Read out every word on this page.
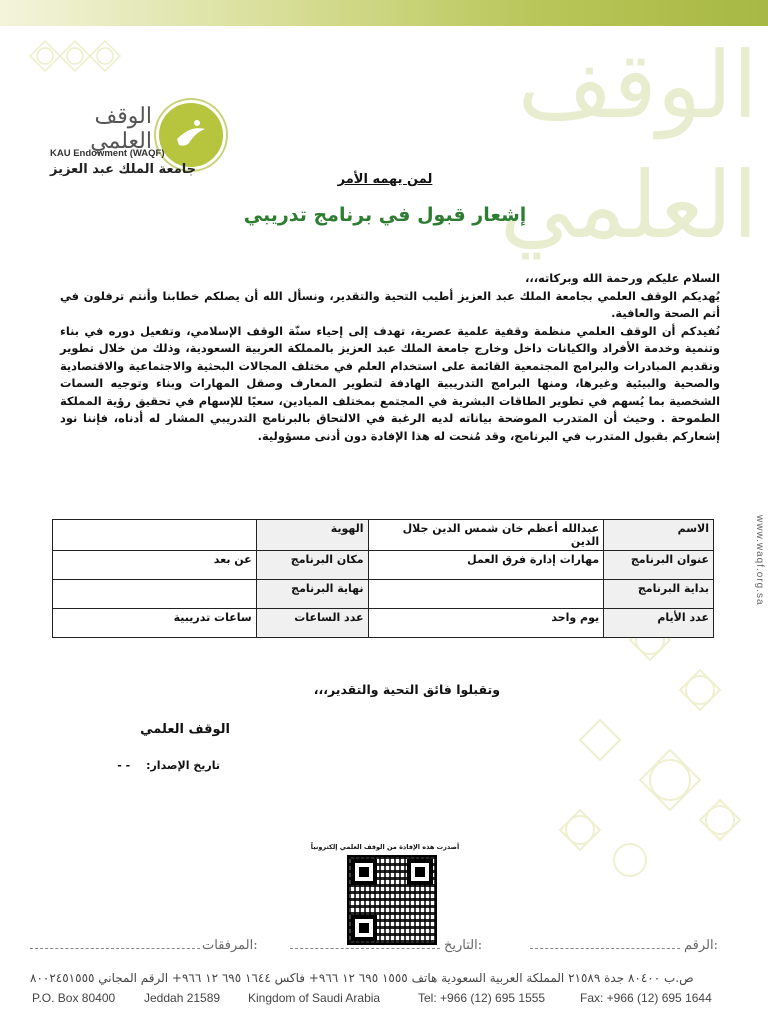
الوقف العلمي
الوقف العلمي
KAU Endowment (WAQF)
جامعة الملك عبد العزيز
لمن يهمه الأمر
إشعار قبول في برنامج تدريبي

السلام عليكم ورحمة الله وبركاته،،،

يُهديكم الوقف العلمي بجامعة الملك عبد العزيز أطيب التحية والتقدير، ونسأل الله أن يصلكم خطابنا وأنتم ترفلون في أتم الصحة والعافية.

نُفيدكم أن الوقف العلمي منظمة وقفية علمية عصرية، تهدف إلى إحياء سنّة الوقف الإسلامي، وتفعيل دوره في بناء وتنمية وخدمة الأفراد والكيانات داخل وخارج جامعة الملك عبد العزيز بالمملكة العربية السعودية، وذلك من خلال تطوير وتقديم المبادرات والبرامج المجتمعية القائمة على استخدام العلم في مختلف المجالات البحثية والاجتماعية والاقتصادية والصحية والبيئية وغيرها، ومنها البرامج التدريبية الهادفة لتطوير المعارف وصقل المهارات وبناء وتوجيه السمات الشخصية بما يُسهم في تطوير الطاقات البشرية في المجتمع بمختلف الميادين، سعيًا للإسهام في تحقيق رؤية المملكة الطموحة . وحيث أن المتدرب الموضحة بياناته لديه الرغبة في الالتحاق بالبرنامج التدريبي المشار له أدناه، فإننا نود إشعاركم بقبول المتدرب في البرنامج، وقد مُنحت له هذا الإفادة دون أدنى مسؤولية.

www.waqf.org.sa
الاسم	عبدالله أعظم خان شمس الدين جلال الدين	الهوية	
عنوان البرنامج	مهارات إدارة فرق العمل	مكان البرنامج	عن بعد
بداية البرنامج		نهاية البرنامج	
عدد الأيام	يوم واحد	عدد الساعات	ساعات تدريبية
وتقبلوا فائق التحية والتقدير،،،
الوقف العلمي
تاريخ الإصدار: - -
أصدرت هذه الإفادة من الوقف العلمي إلكترونياً
المرفقات:	التاريخ:	الرقم:
ص.ب ٨٠٤٠٠ جدة ٢١٥٨٩ المملكة العربية السعودية هاتف ١٥٥٥ ٦٩٥ ١٢ ٩٦٦+ فاكس ١٦٤٤ ٦٩٥ ١٢ ٩٦٦+ الرقم المجاني ٨٠٠٢٤٥١٥٥٥
P.O. Box 80400 Jeddah 21589 Kingdom of Saudi Arabia	Tel: +966 (12) 695 1555	Fax: +966 (12) 695 1644
